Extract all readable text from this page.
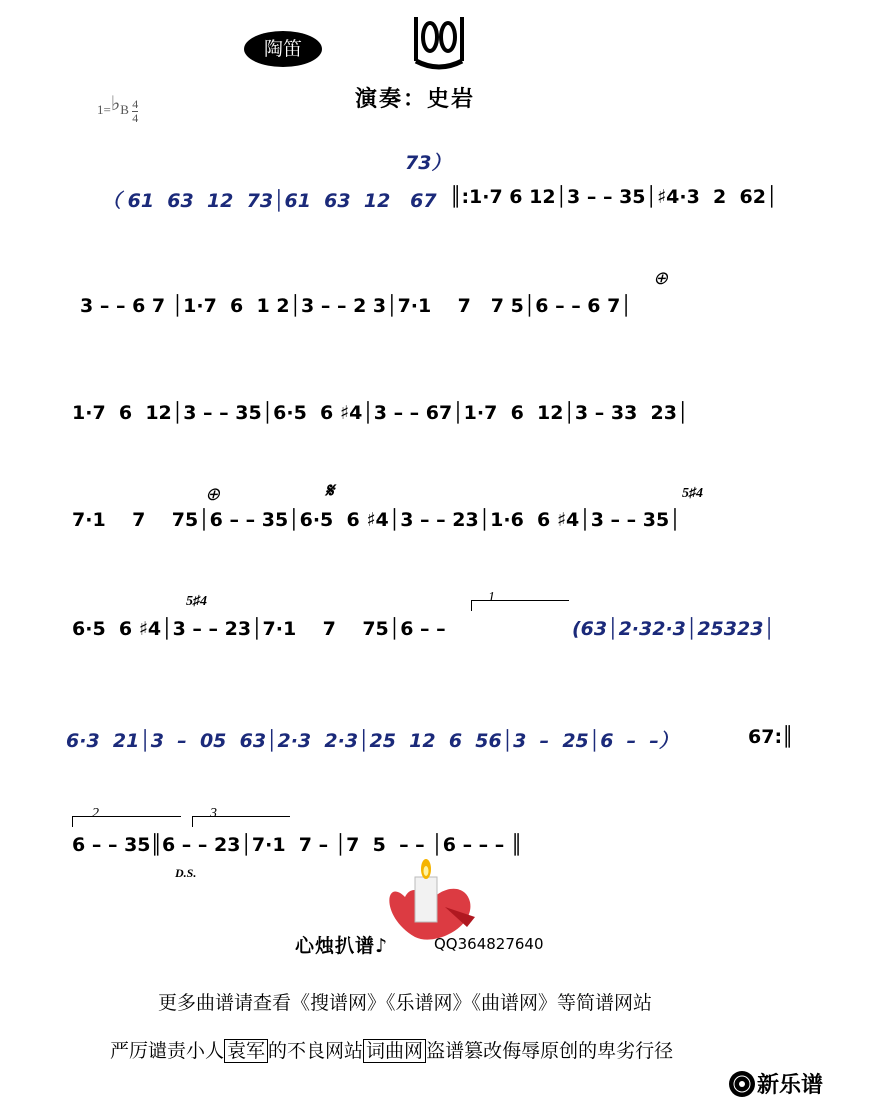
陶笛
演奏：史岩
1=♭B $\frac{4}{4}$
73）
（ 61  63  12  73│61  63  12   67 ║:1·7 6 12│3 – – 35│♯4·3  2  62│
⊕
3 – – 6 7 │1·7  6  1 2│3 – – 2 3│7·1    7   7 5│6 – – 6 7│
1·7  6  12│3 – – 35│6·5  6 ♯4│3 – – 67│1·7  6  12│3 – 33  23│
⊕	𝄋	5♯4
7·1    7    75│6 – – 35│6·5  6 ♯4│3 – – 23│1·6  6 ♯4│3 – – 35│
5♯4	1
6·5  6 ♯4│3 – – 23│7·1    7    75│6 – –	(63│2·32·3│25323│
6·3  21│3  –  05  63│2·3  2·3│25  12  6  56│3  –  25│6  –  –）	67:║
2	3
6 – – 35║6 – – 23│7·1  7 – │7  5  – – │6 – – – ║
D.S.
心烛扒谱♪	QQ364827640
更多曲谱请查看《搜谱网》《乐谱网》《曲谱网》等简谱网站
严厉谴责小人 袁军 的不良网站 词曲网 盗谱篡改侮辱原创的卑劣行径
新乐谱
